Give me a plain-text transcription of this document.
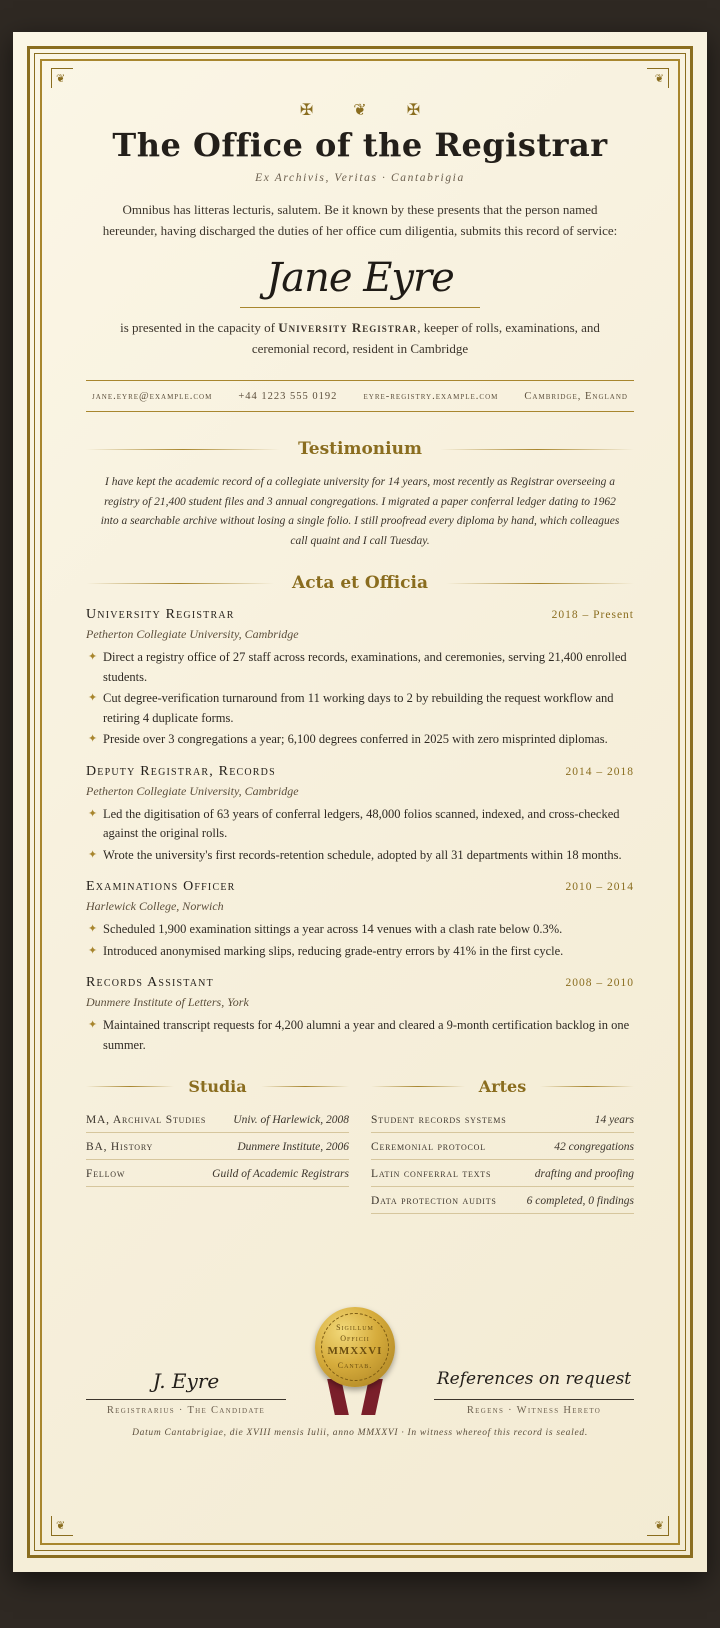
❦	❦
❦	❦
✠ ❦ ✠
The Office of the Registrar
Ex Archivis, Veritas · Cantabrigia
Omnibus has litteras lecturis, salutem. Be it known by these presents that the person named hereunder, having discharged the duties of her office cum diligentia, submits this record of service:
Jane Eyre
is presented in the capacity of University Registrar, keeper of rolls, examinations, and ceremonial record, resident in Cambridge
jane.eyre@example.com +44 1223 555 0192 eyre-registry.example.com Cambridge, England
Testimonium
I have kept the academic record of a collegiate university for 14 years, most recently as Registrar overseeing a registry of 21,400 student files and 3 annual congregations. I migrated a paper conferral ledger dating to 1962 into a searchable archive without losing a single folio. I still proofread every diploma by hand, which colleagues call quaint and I call Tuesday.
Acta et Officia
University Registrar	2018 – Present
Petherton Collegiate University, Cambridge
✦ Direct a registry office of 27 staff across records, examinations, and ceremonies, serving 21,400 enrolled students.
✦ Cut degree-verification turnaround from 11 working days to 2 by rebuilding the request workflow and retiring 4 duplicate forms.
✦ Preside over 3 congregations a year; 6,100 degrees conferred in 2025 with zero misprinted diplomas.
Deputy Registrar, Records	2014 – 2018
Petherton Collegiate University, Cambridge
✦ Led the digitisation of 63 years of conferral ledgers, 48,000 folios scanned, indexed, and cross-checked against the original rolls.
✦ Wrote the university's first records-retention schedule, adopted by all 31 departments within 18 months.
Examinations Officer	2010 – 2014
Harlewick College, Norwich
✦ Scheduled 1,900 examination sittings a year across 14 venues with a clash rate below 0.3%.
✦ Introduced anonymised marking slips, reducing grade-entry errors by 41% in the first cycle.
Records Assistant	2008 – 2010
Dunmere Institute of Letters, York
✦ Maintained transcript requests for 4,200 alumni a year and cleared a 9-month certification backlog in one summer.
Studia
MA, Archival Studies Univ. of Harlewick, 2008
BA, History	Dunmere Institute, 2006
Fellow	Guild of Academic Registrars
Artes
Student records systems	14 years
Ceremonial protocol	42 congregations
Latin conferral texts	drafting and proofing
Data protection audits	6 completed, 0 findings
J. Eyre
Registrarius · The Candidate
Sigillum
Officii
MMXXVI
Cantab.
References on request
Regens · Witness Hereto
Datum Cantabrigiae, die XVIII mensis Iulii, anno MMXXVI · In witness whereof this record is sealed.
